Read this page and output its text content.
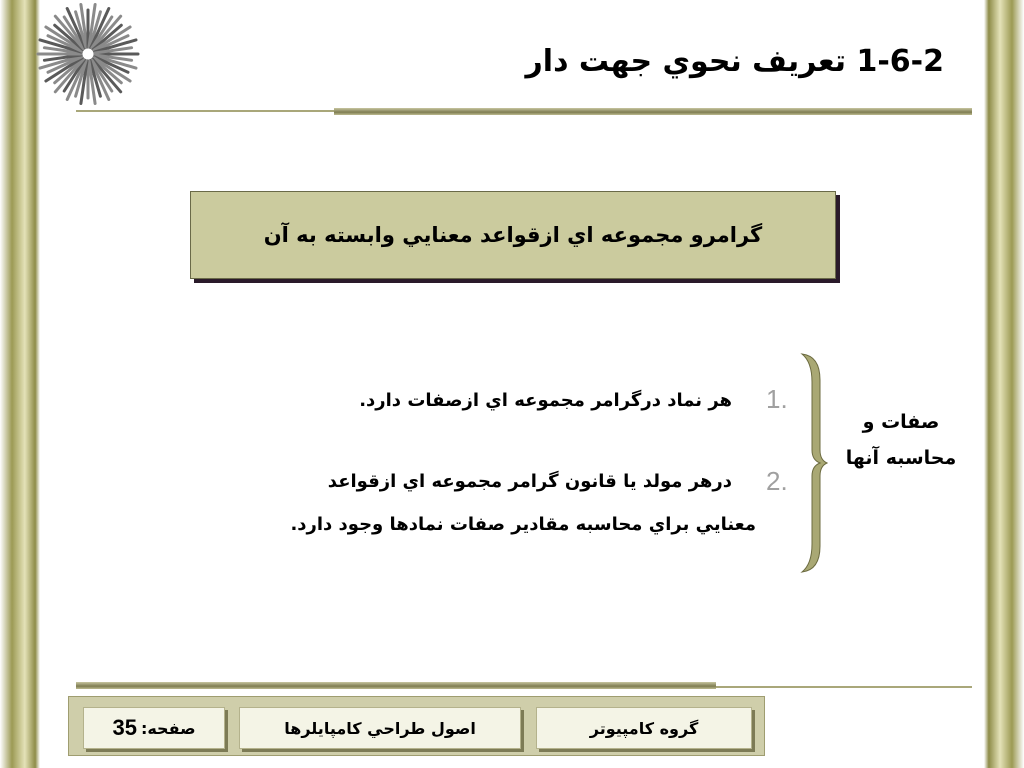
1-6-2 تعريف نحوي جهت دار
گرامرو مجموعه اي ازقواعد معنايي وابسته به آن
1.
هر نماد درگرامر مجموعه اي ازصفات دارد.
2.
درهر مولد يا قانون گرامر مجموعه اي ازقواعد
معنايي براي محاسبه مقادير صفات نمادها وجود دارد.
صفات و
محاسبه آنها
گروه کامپيوتر
اصول طراحي کامپايلرها
صفحه:
35
